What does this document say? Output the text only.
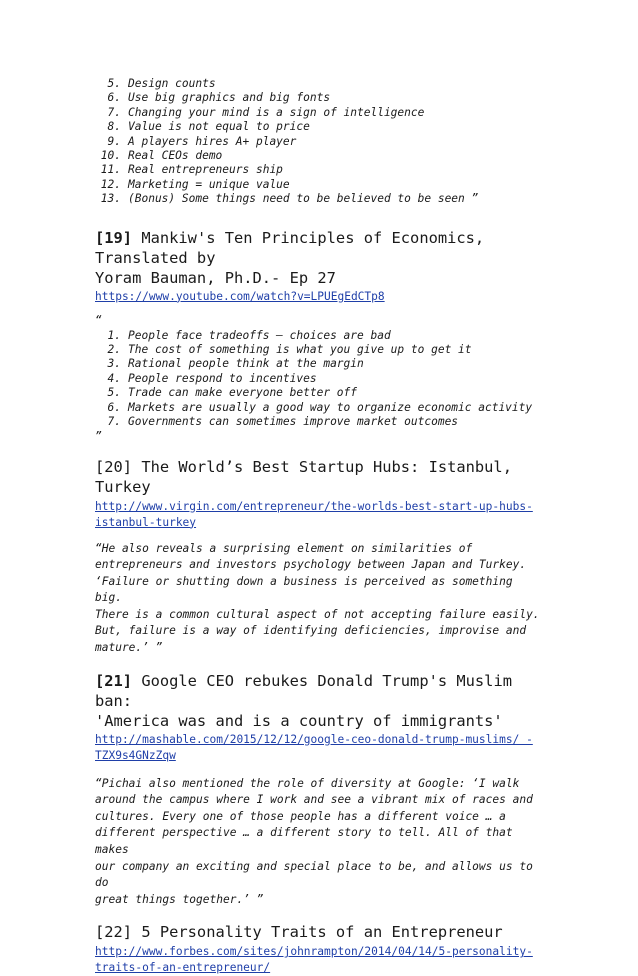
5. Design counts
6. Use big graphics and big fonts
7. Changing your mind is a sign of intelligence
8. Value is not equal to price
9. A players hires A+ player
10. Real CEOs demo
11. Real entrepreneurs ship
12. Marketing = unique value
13. (Bonus) Some things need to be believed to be seen ”
[19] Mankiw's Ten Principles of Economics, Translated by
Yoram Bauman, Ph.D.- Ep 27
https://www.youtube.com/watch?v=LPUEgEdCTp8
“
1. People face tradeoffs – choices are bad
2. The cost of something is what you give up to get it
3. Rational people think at the margin
4. People respond to incentives
5. Trade can make everyone better off
6. Markets are usually a good way to organize economic activity
7. Governments can sometimes improve market outcomes
”
[20] The World’s Best Startup Hubs: Istanbul, Turkey
http://www.virgin.com/entrepreneur/the-worlds-best-start-up-hubs-
istanbul-turkey

“He also reveals a surprising element on similarities of

entrepreneurs and investors psychology between Japan and Turkey.

‘Failure or shutting down a business is perceived as something big.

There is a common cultural aspect of not accepting failure easily.

But, failure is a way of identifying deficiencies, improvise and

mature.’ ”

[21] Google CEO rebukes Donald Trump's Muslim ban:
'America was and is a country of immigrants'
http://mashable.com/2015/12/12/google-ceo-donald-trump-muslims/ -
TZX9s4GNzZqw

“Pichai also mentioned the role of diversity at Google: ‘I walk

around the campus where I work and see a vibrant mix of races and

cultures. Every one of those people has a different voice … a

different perspective … a different story to tell. All of that makes

our company an exciting and special place to be, and allows us to do

great things together.’ ”

[22] 5 Personality Traits of an Entrepreneur
http://www.forbes.com/sites/johnrampton/2014/04/14/5-personality-
traits-of-an-entrepreneur/
